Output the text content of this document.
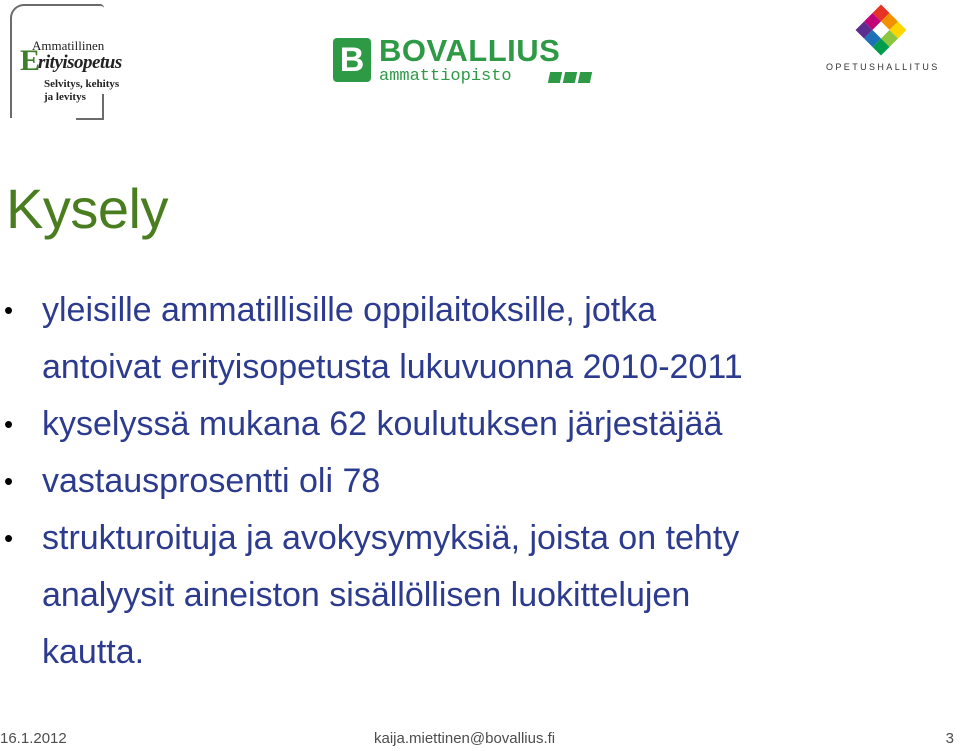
Ammatillinen
E
rityisopetus
Selvitys, kehitys
ja levitys
B BOVALLIUS
ammattiopisto	OPETUSHALLITUS
Kysely
• yleisille ammatillisille oppilaitoksille, jotka
antoivat erityisopetusta lukuvuonna 2010-2011
• kyselyssä mukana 62 koulutuksen järjestäjää
• vastausprosentti oli 78
• strukturoituja ja avokysymyksiä, joista on tehty
analyysit aineiston sisällöllisen luokittelujen
kautta.
16.1.2012	kaija.miettinen@bovallius.fi	3
